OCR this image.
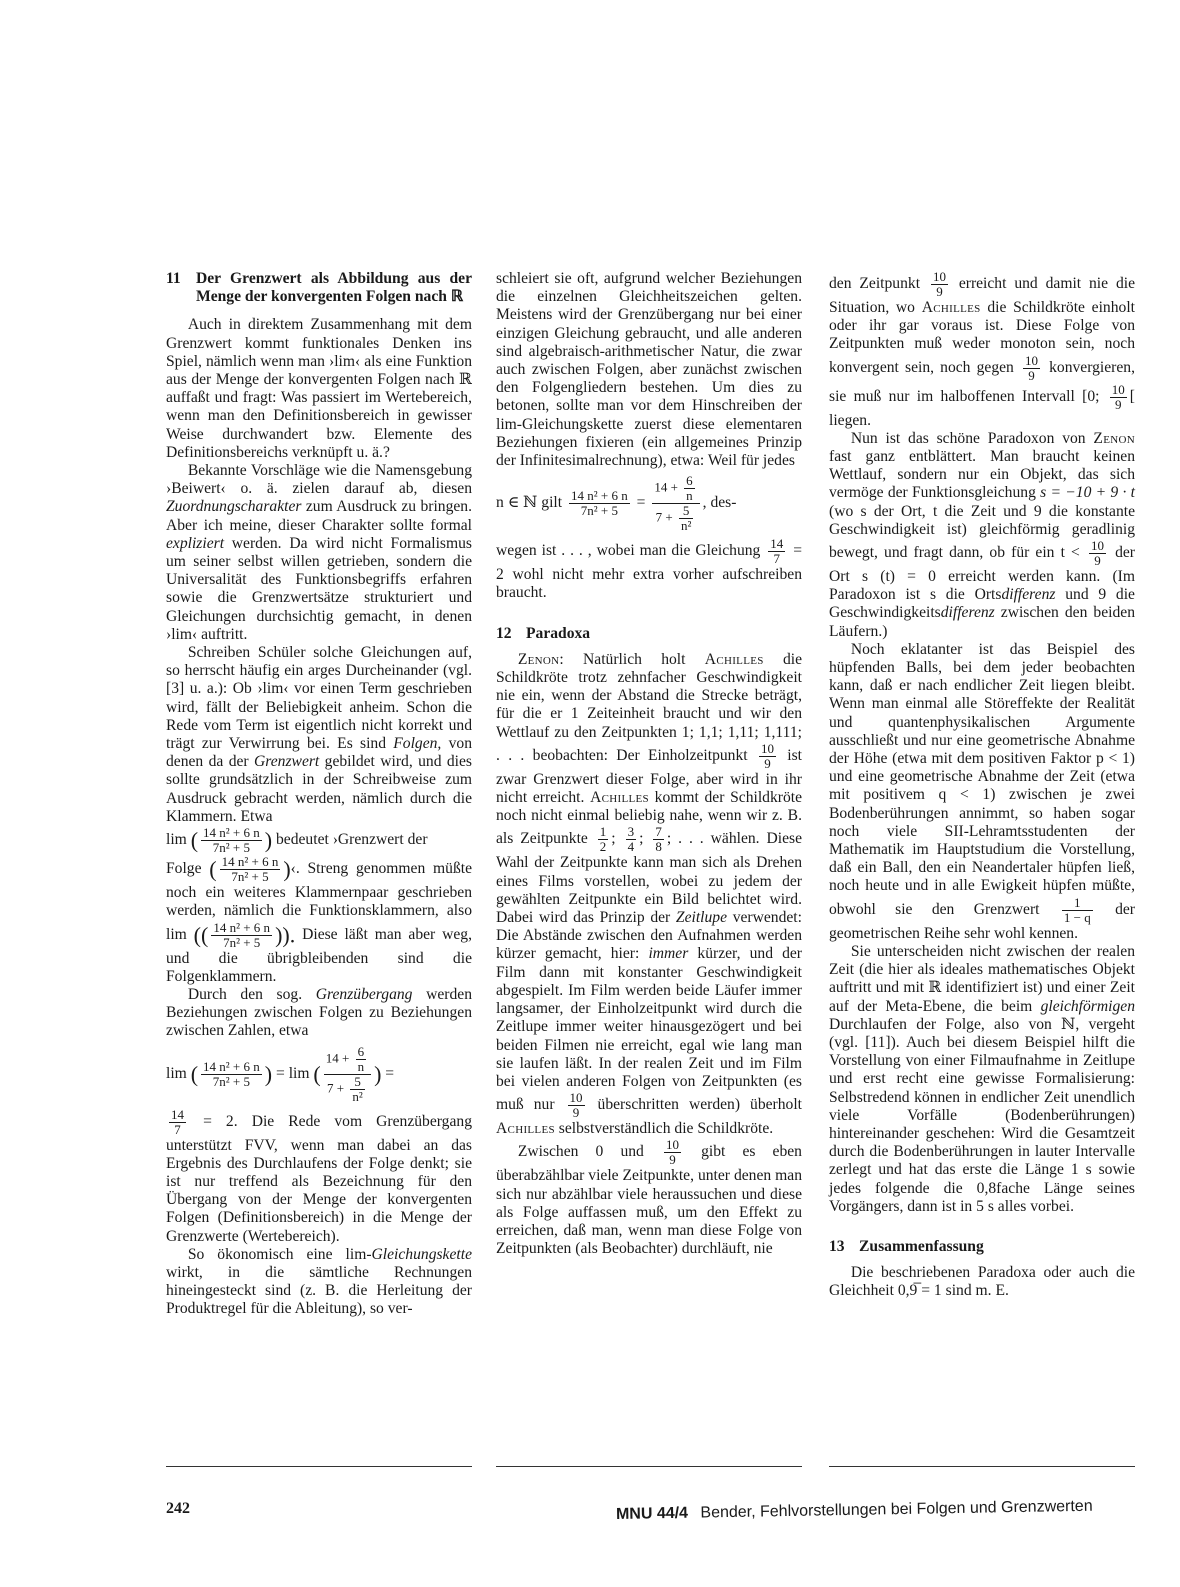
11 Der Grenzwert als Abbildung aus der Menge der konvergenten Folgen nach ℝ

Auch in direktem Zusammenhang mit dem Grenzwert kommt funktionales Denken ins Spiel, nämlich wenn man ›lim‹ als eine Funktion aus der Menge der konvergenten Folgen nach ℝ auffaßt und fragt: Was passiert im Wertebereich, wenn man den Definitionsbereich in gewisser Weise durchwandert bzw. Elemente des Definitionsbereichs verknüpft u. ä.?

Bekannte Vorschläge wie die Namensgebung ›Beiwert‹ o. ä. zielen darauf ab, diesen Zuordnungscharakter zum Ausdruck zu bringen. Aber ich meine, dieser Charakter sollte formal expliziert werden. Da wird nicht Formalismus um seiner selbst willen getrieben, sondern die Universalität des Funktionsbegriffs erfahren sowie die Grenzwertsätze strukturiert und Gleichungen durchsichtig gemacht, in denen ›lim‹ auftritt.

Schreiben Schüler solche Gleichungen auf, so herrscht häufig ein arges Durcheinander (vgl. [3] u. a.): Ob ›lim‹ vor einen Term geschrieben wird, fällt der Beliebigkeit anheim. Schon die Rede vom Term ist eigentlich nicht korrekt und trägt zur Verwirrung bei. Es sind Folgen, von denen da der Grenzwert gebildet wird, und dies sollte grundsätzlich in der Schreibweise zum Ausdruck gebracht werden, nämlich durch die Klammern. Etwa

lim ( $\frac{\text{14 n² + 6 n}}{\text{7n² + 5}}$ ) bedeutet ›Grenzwert der

Folge ( $\frac{\text{14 n² + 6 n}}{\text{7n² + 5}}$ )‹. Streng genommen müßte noch ein weiteres Klammernpaar geschrieben werden, nämlich die Funktionsklammern, also lim (( $\frac{\text{14 n² + 6 n}}{\text{7n² + 5}}$ )). Diese läßt man aber weg, und die übrigbleibenden sind die Folgenklammern.

Durch den sog. Grenzübergang werden Beziehungen zwischen Folgen zu Beziehungen zwischen Zahlen, etwa

lim ( $\frac{\text{14 n² + 6 n}}{\text{7n² + 5}}$ ) = lim ( $\frac{14 + \frac{6}{n}}{7 + \frac{5}{\text{n²}}}$ ) =

$\frac{14}{7} = 2$. Die Rede vom Grenzübergang unterstützt FVV, wenn man dabei an das Ergebnis des Durchlaufens der Folge denkt; sie ist nur treffend als Bezeichnung für den Übergang von der Menge der konvergenten Folgen (Definitionsbereich) in die Menge der Grenzwerte (Wertebereich).

So ökonomisch eine lim-Gleichungskette wirkt, in die sämtliche Rechnungen hineingesteckt sind (z. B. die Herleitung der Produktregel für die Ableitung), so ver-

schleiert sie oft, aufgrund welcher Beziehungen die einzelnen Gleichheitszeichen gelten. Meistens wird der Grenzübergang nur bei einer einzigen Gleichung gebraucht, und alle anderen sind algebraisch-arithmetischer Natur, die zwar auch zwischen Folgen, aber zunächst zwischen den Folgengliedern bestehen. Um dies zu betonen, sollte man vor dem Hinschreiben der lim-Gleichungskette zuerst diese elementaren Beziehungen fixieren (ein allgemeines Prinzip der Infinitesimalrechnung), etwa: Weil für jedes

n ∈ ℕ gilt $\frac{\text{14 n² + 6 n}}{\text{7n² + 5}} = \frac{14 + \frac{6}{n}}{7 + \frac{5}{\text{n²}}}$ , des-

wegen ist . . . , wobei man die Gleichung $\frac{14}{7} = 2$ wohl nicht mehr extra vorher aufschreiben braucht.

12 Paradoxa

Zenon: Natürlich holt Achilles die Schildkröte trotz zehnfacher Geschwindigkeit nie ein, wenn der Abstand die Strecke beträgt, für die er 1 Zeiteinheit braucht und wir den Wettlauf zu den Zeitpunkten 1; 1,1; 1,11; 1,111; . . . beobachten: Der Einholzeitpunkt $\frac{10}{9}$ ist zwar Grenzwert dieser Folge, aber wird in ihr nicht erreicht. Achilles kommt der Schildkröte noch nicht einmal beliebig nahe, wenn wir z. B. als Zeitpunkte $\frac{1}{2}$ ; $\frac{3}{4}$ ; $\frac{7}{8}$ ; . . . wählen. Diese Wahl der Zeitpunkte kann man sich als Drehen eines Films vorstellen, wobei zu jedem der gewählten Zeitpunkte ein Bild belichtet wird. Dabei wird das Prinzip der Zeitlupe verwendet: Die Abstände zwischen den Aufnahmen werden kürzer gemacht, hier: immer kürzer, und der Film dann mit konstanter Geschwindigkeit abgespielt. Im Film werden beide Läufer immer langsamer, der Einholzeitpunkt wird durch die Zeitlupe immer weiter hinausgezögert und bei beiden Filmen nie erreicht, egal wie lang man sie laufen läßt. In der realen Zeit und im Film bei vielen anderen Folgen von Zeitpunkten (es muß nur $\frac{10}{9}$ überschritten werden) überholt Achilles selbstverständlich die Schildkröte.

Zwischen 0 und $\frac{10}{9}$ gibt es eben überabzählbar viele Zeitpunkte, unter denen man sich nur abzählbar viele heraussuchen und diese als Folge auffassen muß, um den Effekt zu erreichen, daß man, wenn man diese Folge von Zeitpunkten (als Beobachter) durchläuft, nie

den Zeitpunkt $\frac{10}{9}$ erreicht und damit nie die Situation, wo Achilles die Schildkröte einholt oder ihr gar voraus ist. Diese Folge von Zeitpunkten muß weder monoton sein, noch konvergent sein, noch gegen $\frac{10}{9}$ konvergieren, sie muß nur im halboffenen Intervall [0; $\frac{10}{9}$ [ liegen.

Nun ist das schöne Paradoxon von Zenon fast ganz entblättert. Man braucht keinen Wettlauf, sondern nur ein Objekt, das sich vermöge der Funktionsgleichung s = −10 + 9 · t (wo s der Ort, t die Zeit und 9 die konstante Geschwindigkeit ist) gleichförmig geradlinig bewegt, und fragt dann, ob für ein $t < \frac{10}{9}$ der Ort s (t) = 0 erreicht werden kann. (Im Paradoxon ist s die Ortsdifferenz und 9 die Geschwindigkeitsdifferenz zwischen den beiden Läufern.)

Noch eklatanter ist das Beispiel des hüpfenden Balls, bei dem jeder beobachten kann, daß er nach endlicher Zeit liegen bleibt. Wenn man einmal alle Störeffekte der Realität und quantenphysikalischen Argumente ausschließt und nur eine geometrische Abnahme der Höhe (etwa mit dem positiven Faktor p < 1) und eine geometrische Abnahme der Zeit (etwa mit positivem q < 1) zwischen je zwei Bodenberührungen annimmt, so haben sogar noch viele SII-Lehramtsstudenten der Mathematik im Hauptstudium die Vorstellung, daß ein Ball, den ein Neandertaler hüpfen ließ, noch heute und in alle Ewigkeit hüpfen müßte, obwohl sie den Grenzwert $\frac{1}{1 - q}$ der geometrischen Reihe sehr wohl kennen.

Sie unterscheiden nicht zwischen der realen Zeit (die hier als ideales mathematisches Objekt auftritt und mit ℝ identifiziert ist) und einer Zeit auf der Meta-Ebene, die beim gleichförmigen Durchlaufen der Folge, also von ℕ, vergeht (vgl. [11]). Auch bei diesem Beispiel hilft die Vorstellung von einer Filmaufnahme in Zeitlupe und erst recht eine gewisse Formalisierung: Selbstredend können in endlicher Zeit unendlich viele Vorfälle (Bodenberührungen) hintereinander geschehen: Wird die Gesamtzeit durch die Bodenberührungen in lauter Intervalle zerlegt und hat das erste die Länge 1 s sowie jedes folgende die 0,8fache Länge seines Vorgängers, dann ist in 5 s alles vorbei.

13 Zusammenfassung

Die beschriebenen Paradoxa oder auch die Gleichheit 0,9̅ = 1 sind m. E.

242	MNU 44/4 Bender, Fehlvorstellungen bei Folgen und Grenzwerten
